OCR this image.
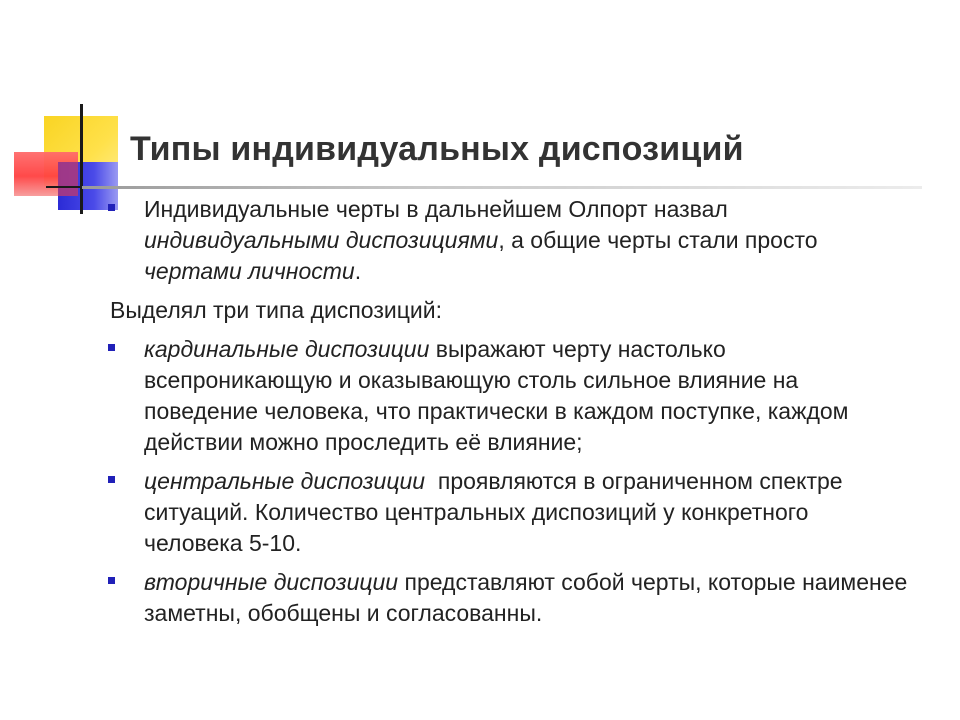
Типы индивидуальных диспозиций
Индивидуальные черты в дальнейшем Олпорт назвал индивидуальными диспозициями, а общие черты стали просто чертами личности.
Выделял три типа диспозиций:
кардинальные диспозиции выражают черту настолько всепроникающую и оказывающую столь сильное влияние на поведение человека, что практически в каждом поступке, каждом действии можно проследить её влияние;
центральные диспозиции  проявляются в ограниченном спектре ситуаций. Количество центральных диспозиций у конкретного человека 5-10.
вторичные диспозиции представляют собой черты, которые наименее заметны, обобщены и согласованны.
